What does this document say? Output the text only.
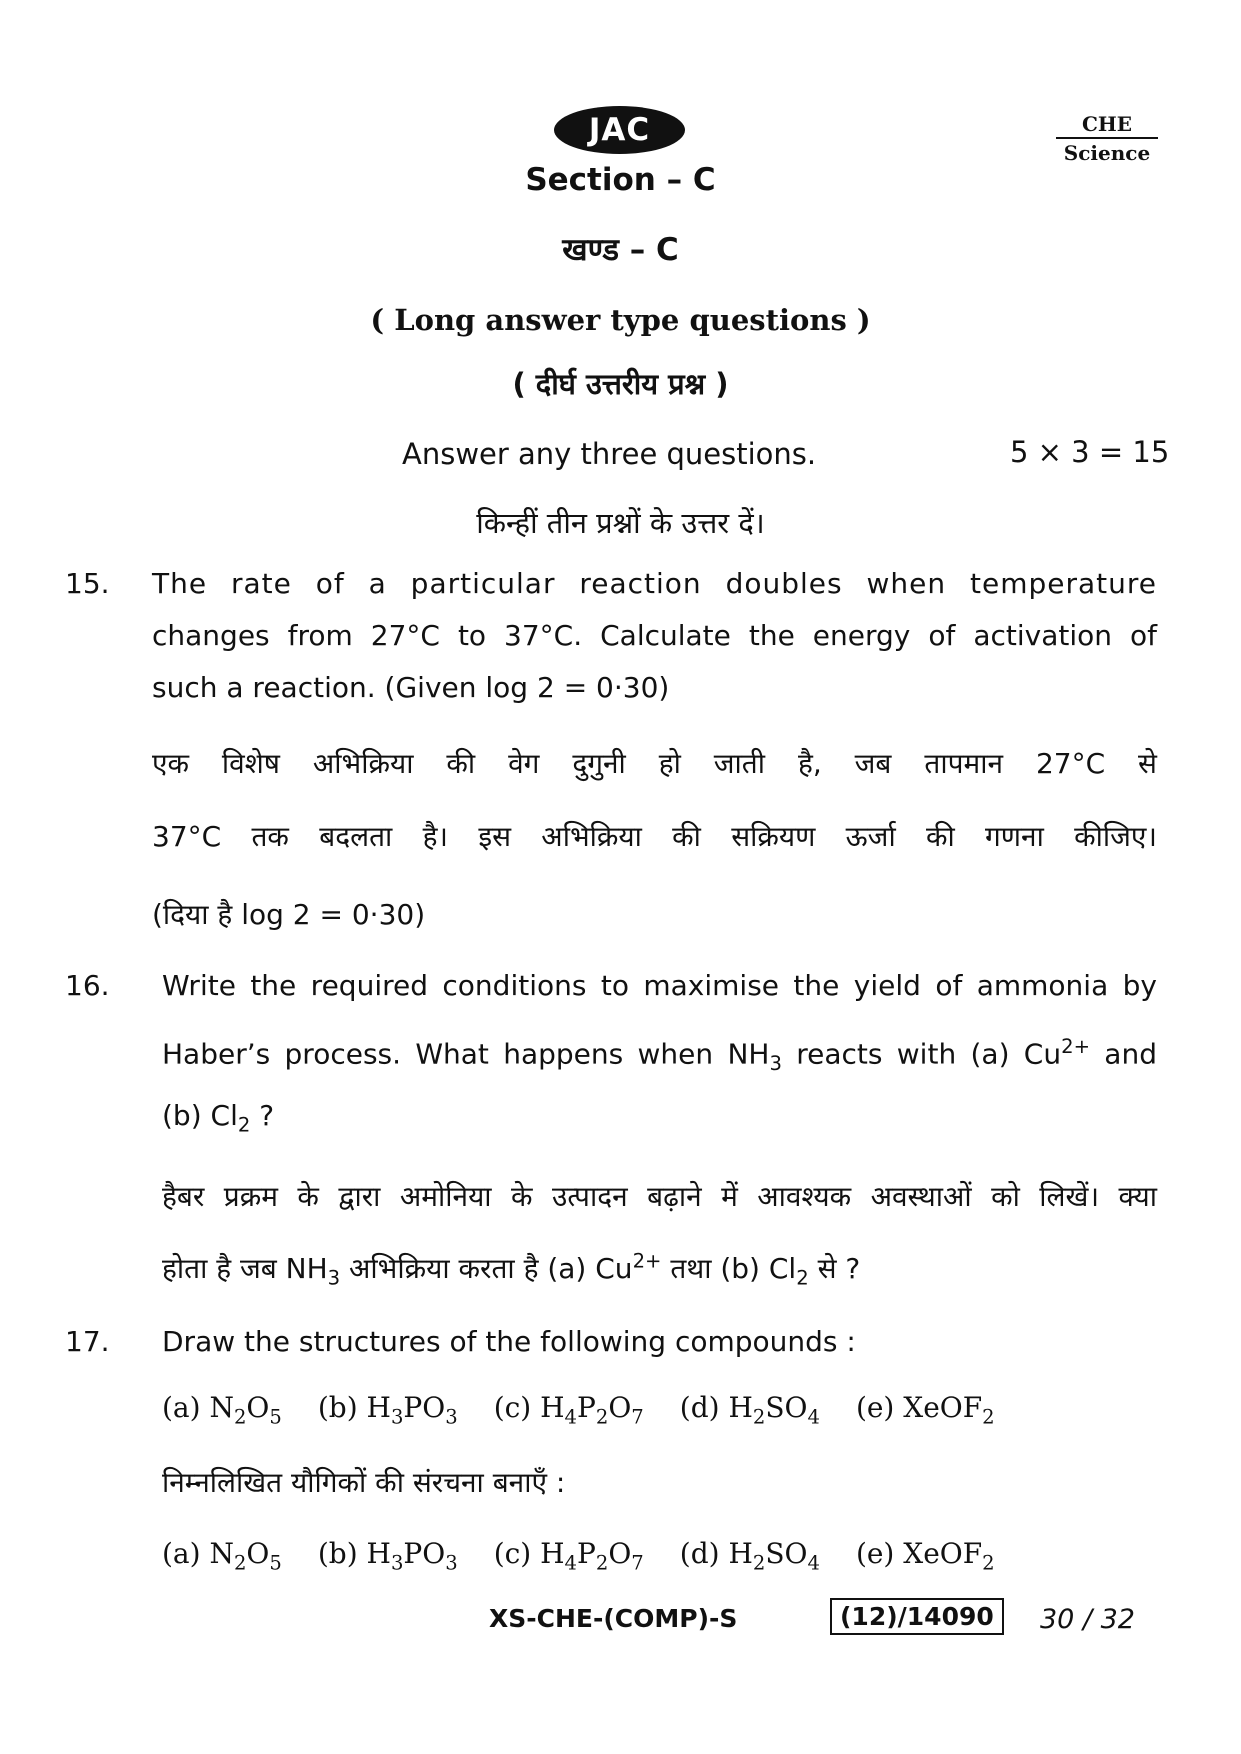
JAC	CHE
Science
Section – C
खण्ड – C
( Long answer type questions )
( दीर्घ उत्तरीय प्रश्न )
Answer any three questions.	5 × 3 = 15
किन्हीं तीन प्रश्नों के उत्तर दें।
15. The rate of a particular reaction doubles when temperature
changes from 27°C to 37°C. Calculate the energy of activation of
such a reaction. (Given log 2 = 0·30)
एक विशेष अभिक्रिया की वेग दुगुनी हो जाती है, जब तापमान 27°C से
37°C तक बदलता है। इस अभिक्रिया की सक्रियण ऊर्जा की गणना कीजिए।
(दिया है log 2 = 0·30)
16. Write the required conditions to maximise the yield of ammonia by
Haber’s process. What happens when $NH_3$ reacts with (a) $Cu^{2+}$ and
(b) $Cl_2$ ?
हैबर प्रक्रम के द्वारा अमोनिया के उत्पादन बढ़ाने में आवश्यक अवस्थाओं को लिखें। क्या
होता है जब $NH_3$ अभिक्रिया करता है (a) $Cu^{2+}$ तथा (b) $Cl_2$ से ?
17. Draw the structures of the following compounds :
(a) $N_2O_5$ (b) $H_3PO_3$ (c) $H_4P_2O_7$ (d) $H_2SO_4$ (e) XeOF$_2$
निम्नलिखित यौगिकों की संरचना बनाएँ :
(a) $N_2O_5$ (b) $H_3PO_3$ (c) $H_4P_2O_7$ (d) $H_2SO_4$ (e) XeOF$_2$
XS-CHE-(COMP)-S	(12)/14090	30 / 32
